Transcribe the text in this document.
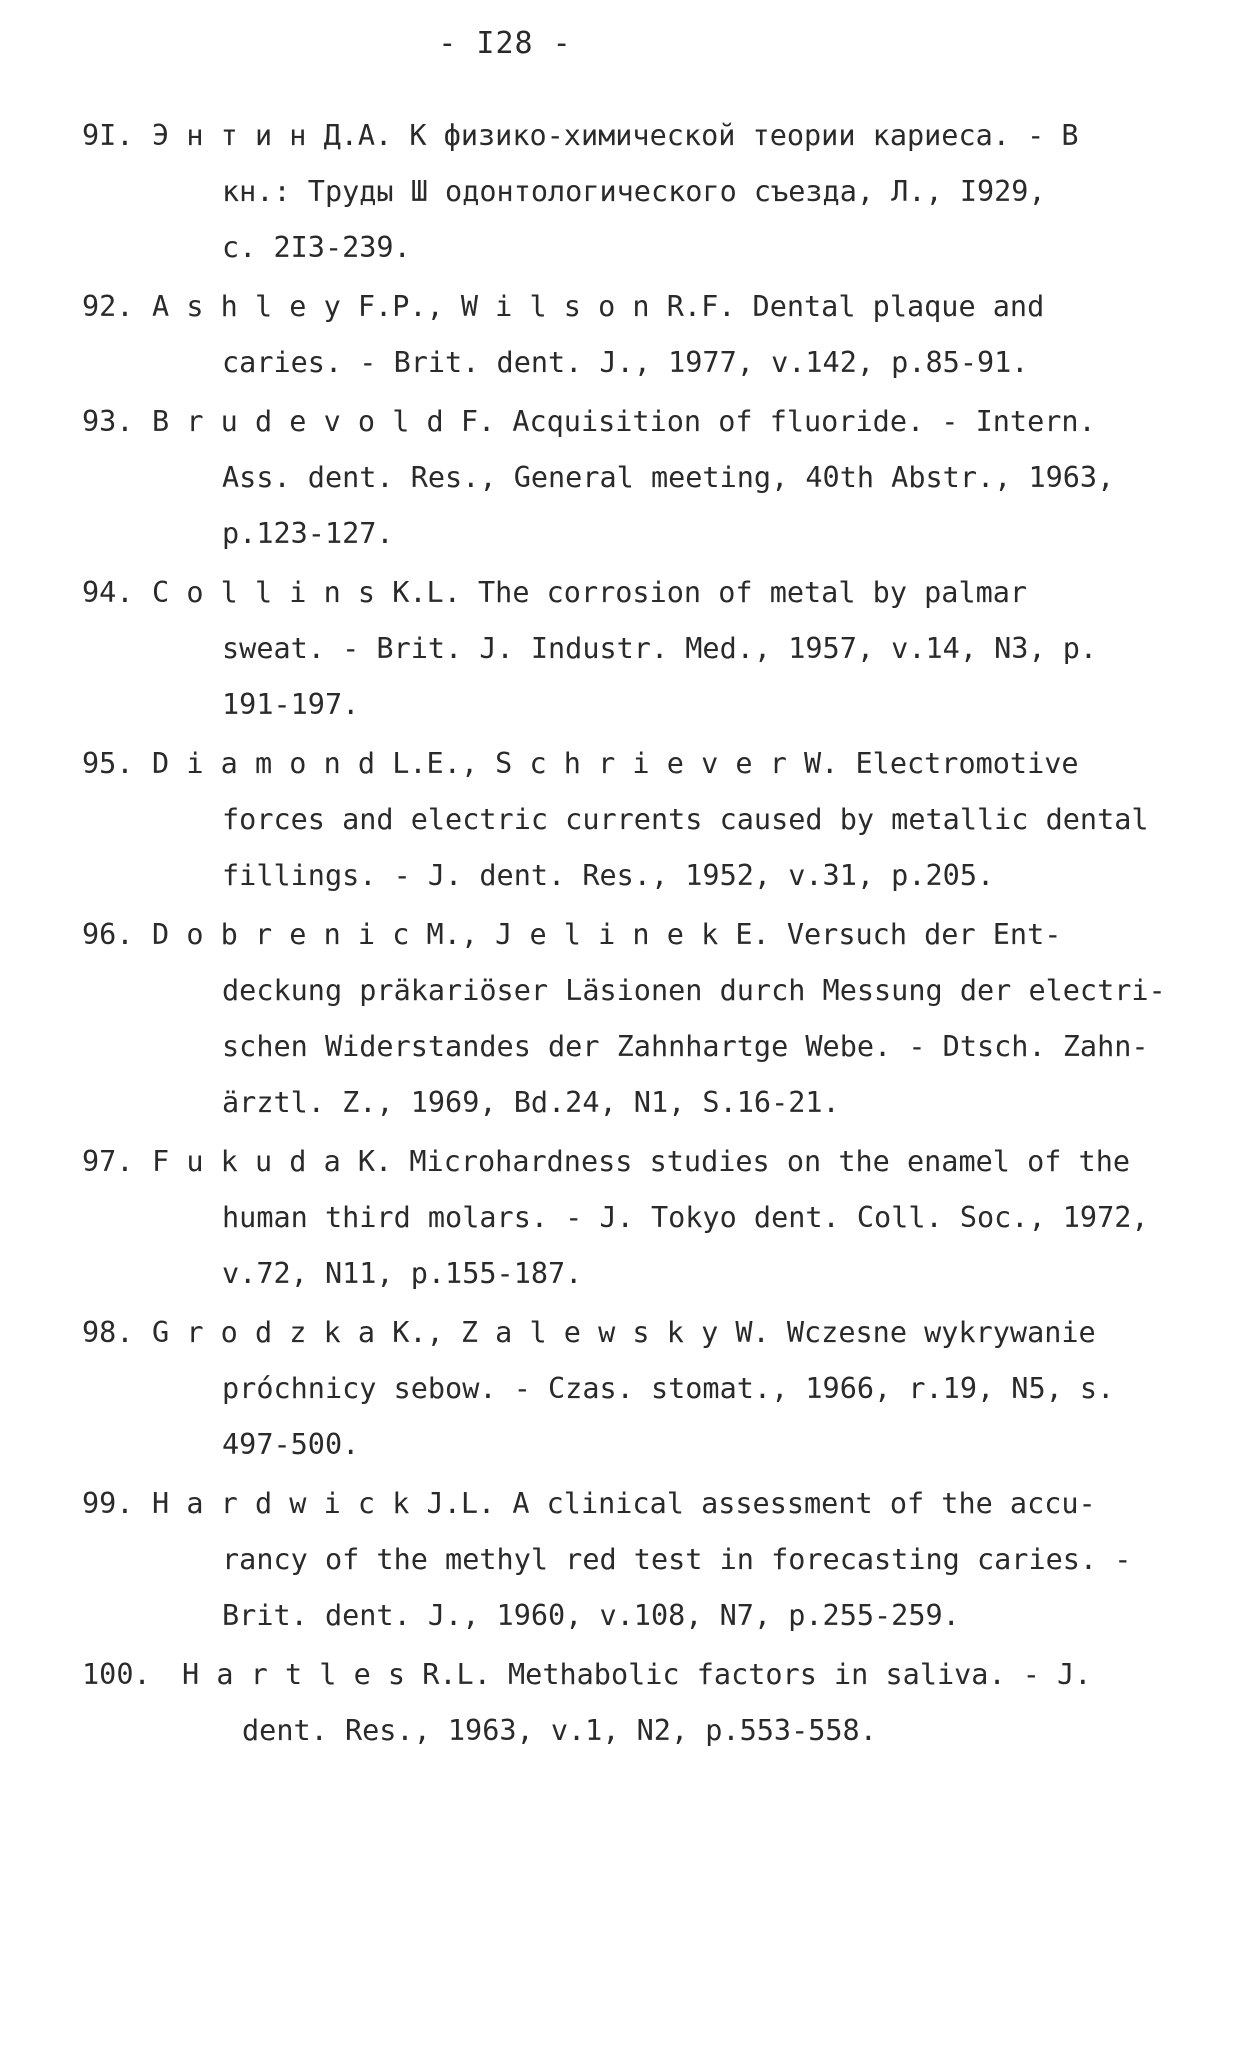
- I28 -
9I. Э н т и н Д.А. К физико-химической теории кариеса. - В
кн.: Труды Ш одонтологического съезда, Л., I929,
с. 2I3-239.
92. A s h l e y F.P., W i l s o n R.F. Dental plaque and
caries. - Brit. dent. J., 1977, v.142, p.85-91.
93. B r u d e v o l d F. Acquisition of fluoride. - Intern.
Ass. dent. Res., General meeting, 40th Abstr., 1963,
p.123-127.
94. C o l l i n s K.L. The corrosion of metal by palmar
sweat. - Brit. J. Industr. Med., 1957, v.14, N3, p.
191-197.
95. D i a m o n d L.E., S c h r i e v e r W. Electromotive
forces and electric currents caused by metallic dental
fillings. - J. dent. Res., 1952, v.31, p.205.
96. D o b r e n i c M., J e l i n e k E. Versuch der Ent-
deckung präkariöser Läsionen durch Messung der electri-
schen Widerstandes der Zahnhartge Webe. - Dtsch. Zahn-
ärztl. Z., 1969, Bd.24, N1, S.16-21.
97. F u k u d a K. Microhardness studies on the enamel of the
human third molars. - J. Tokyo dent. Coll. Soc., 1972,
v.72, N11, p.155-187.
98. G r o d z k a K., Z a l e w s k y W. Wczesne wykrywanie
próchnicy sebow. - Czas. stomat., 1966, r.19, N5, s.
497-500.
99. H a r d w i c k J.L. A clinical assessment of the accu-
rancy of the methyl red test in forecasting caries. -
Brit. dent. J., 1960, v.108, N7, p.255-259.
100.	H a r t l e s R.L. Methabolic factors in saliva. - J.
dent. Res., 1963, v.1, N2, p.553-558.
